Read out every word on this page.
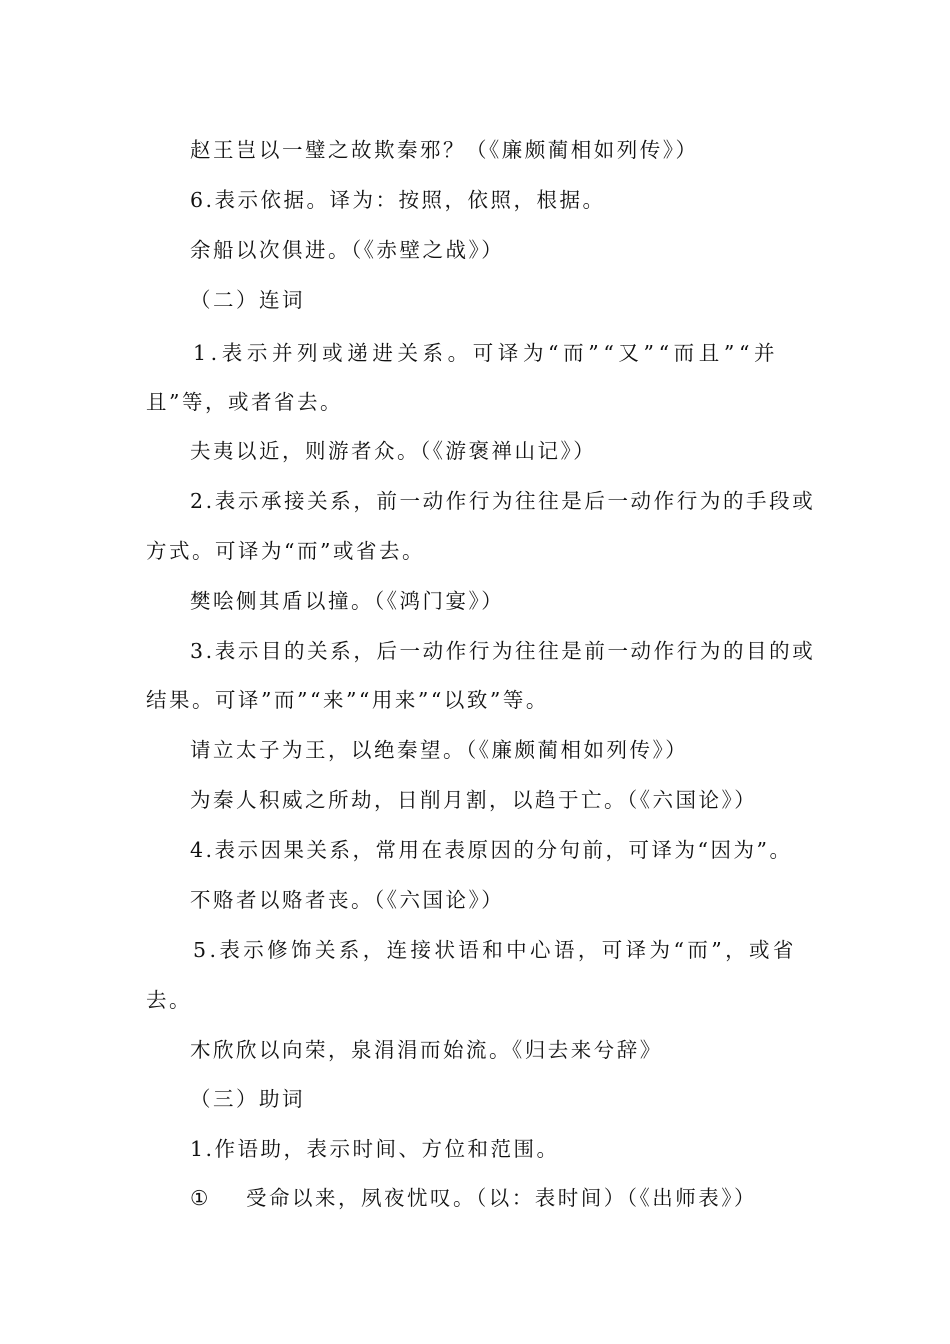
赵王岂以一璧之故欺秦邪？（《廉颇蔺相如列传》）

6.表示依据。译为：按照，依照，根据。

余船以次俱进。（《赤壁之战》）

（二）连词

1.表示并列或递进关系。可译为“而”“又”“而且”“并

且”等，或者省去。

夫夷以近，则游者众。（《游褒禅山记》）

2.表示承接关系，前一动作行为往往是后一动作行为的手段或

方式。可译为“而”或省去。

樊哙侧其盾以撞。（《鸿门宴》）

3.表示目的关系，后一动作行为往往是前一动作行为的目的或

结果。可译”而”“来”“用来”“以致”等。

请立太子为王，以绝秦望。（《廉颇蔺相如列传》）

为秦人积威之所劫，日削月割，以趋于亡。（《六国论》）

4.表示因果关系，常用在表原因的分句前，可译为“因为”。

不赂者以赂者丧。（《六国论》）

5.表示修饰关系，连接状语和中心语，可译为“而”，或省

去。

木欣欣以向荣，泉涓涓而始流。《归去来兮辞》

（三）助词

1.作语助，表示时间、方位和范围。

① 受命以来，夙夜忧叹。（以：表时间）（《出师表》）
